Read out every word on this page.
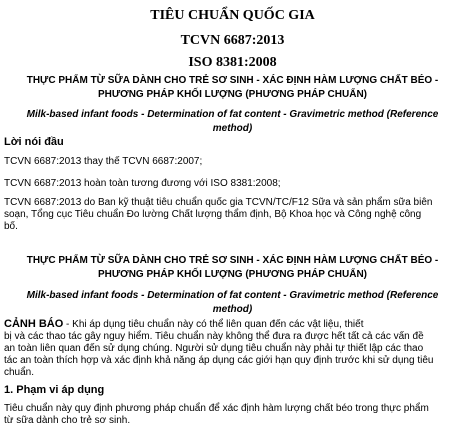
TIÊU CHUẨN QUỐC GIA
TCVN 6687:2013
ISO 8381:2008
THỰC PHẨM TỪ SỮA DÀNH CHO TRẺ SƠ SINH - XÁC ĐỊNH HÀM LƯỢNG CHẤT BÉO -
PHƯƠNG PHÁP KHỐI LƯỢNG (PHƯƠNG PHÁP CHUẨN)
Milk-based infant foods - Determination of fat content - Gravimetric method (Reference
method)
Lời nói đầu
TCVN 6687:2013 thay thế TCVN 6687:2007;
TCVN 6687:2013 hoàn toàn tương đương với ISO 8381:2008;
TCVN 6687:2013 do Ban kỹ thuật tiêu chuẩn quốc gia TCVN/TC/F12 Sữa và sản phẩm sữa biên
soạn, Tổng cục Tiêu chuẩn Đo lường Chất lượng thẩm định, Bộ Khoa học và Công nghệ công
bố.
THỰC PHẨM TỪ SỮA DÀNH CHO TRẺ SƠ SINH - XÁC ĐỊNH HÀM LƯỢNG CHẤT BÉO -
PHƯƠNG PHÁP KHỐI LƯỢNG (PHƯƠNG PHÁP CHUẨN)
Milk-based infant foods - Determination of fat content - Gravimetric method (Reference
method)
CẢNH BÁO - Khi áp dụng tiêu chuẩn này có thể liên quan đến các vật liệu, thiết
bị và các thao tác gây nguy hiểm. Tiêu chuẩn này không thể đưa ra được hết tất cả các vấn đề
an toàn liên quan đến sử dụng chúng. Người sử dụng tiêu chuẩn này phải tự thiết lập các thao
tác an toàn thích hợp và xác định khả năng áp dụng các giới hạn quy định trước khi sử dụng tiêu
chuẩn.
1. Phạm vi áp dụng
Tiêu chuẩn này quy định phương pháp chuẩn để xác định hàm lượng chất béo trong thực phẩm
từ sữa dành cho trẻ sơ sinh.
